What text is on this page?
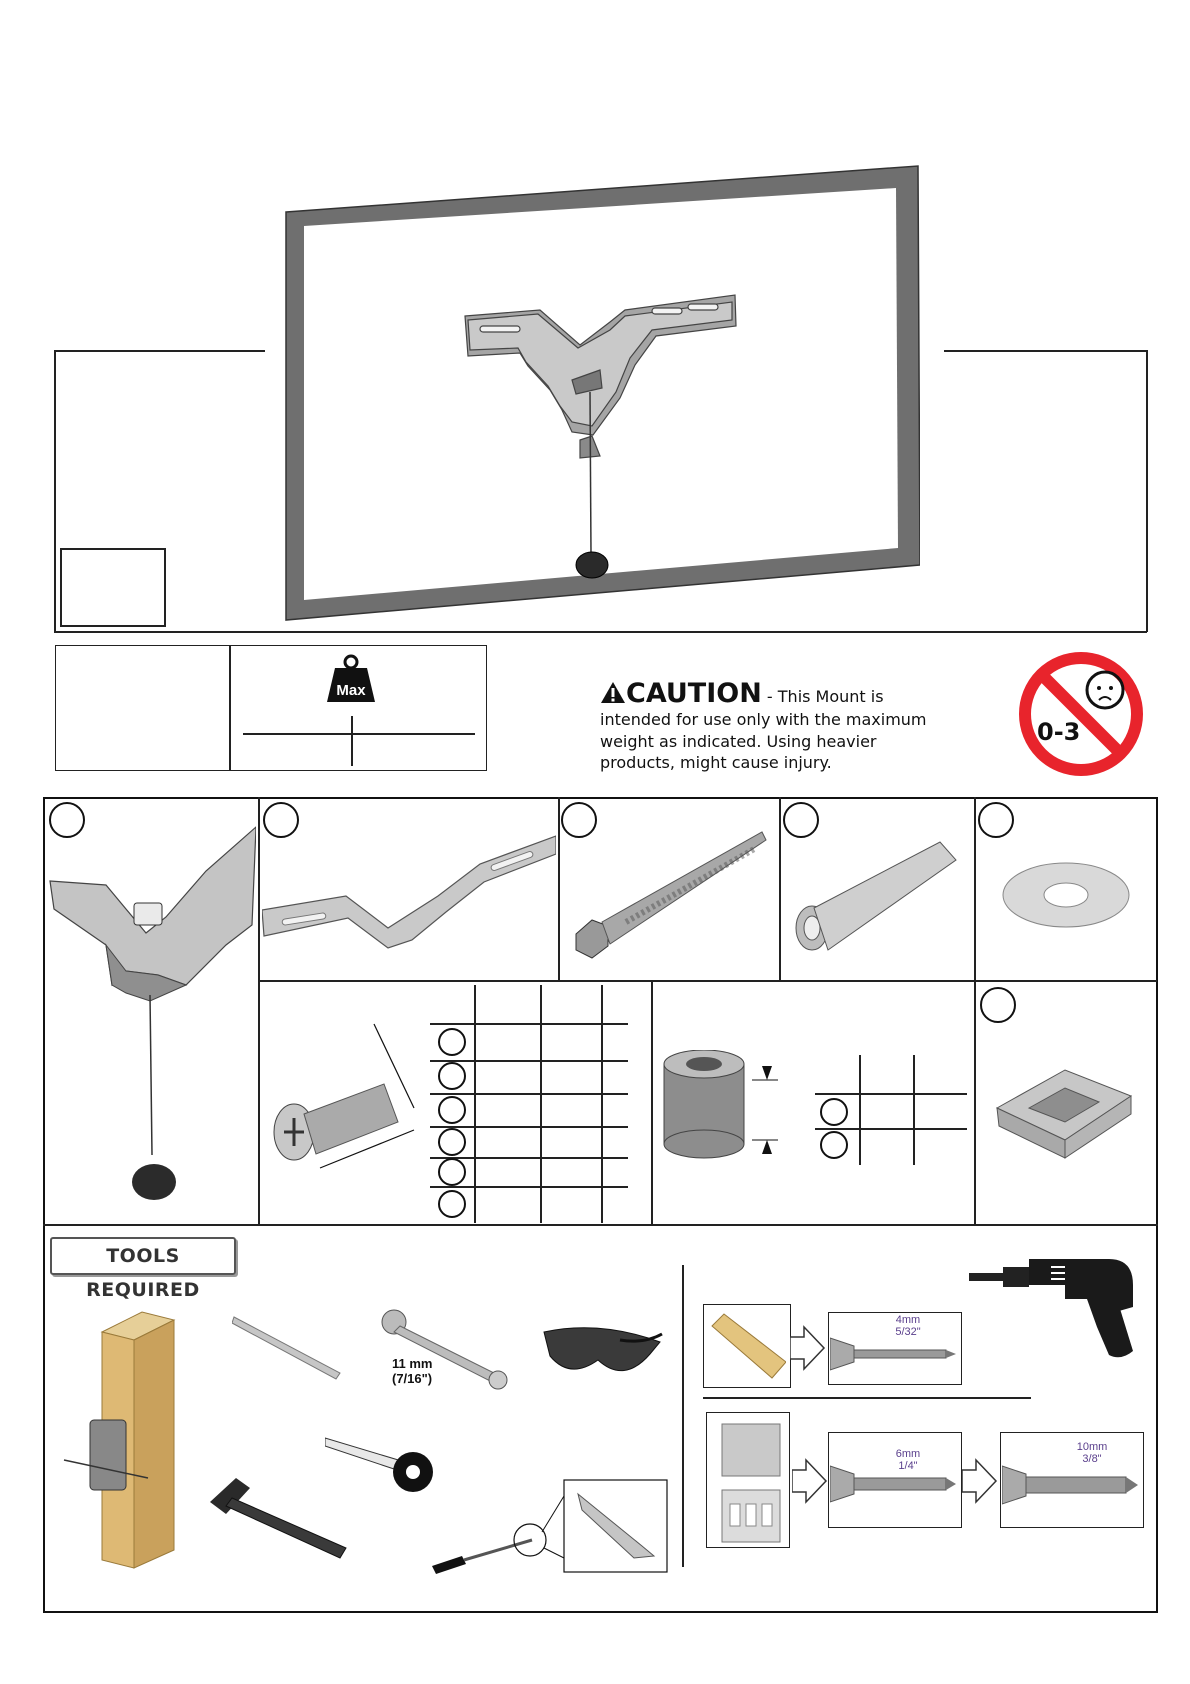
Max	CAUTION - This Mount is
intended for use only with the maximum
weight as indicated. Using heavier
products, might cause injury.
0-3
TOOLS REQUIRED
11 mm
(7/16")
4mm
5/32"
6mm
1/4"
10mm
3/8"
